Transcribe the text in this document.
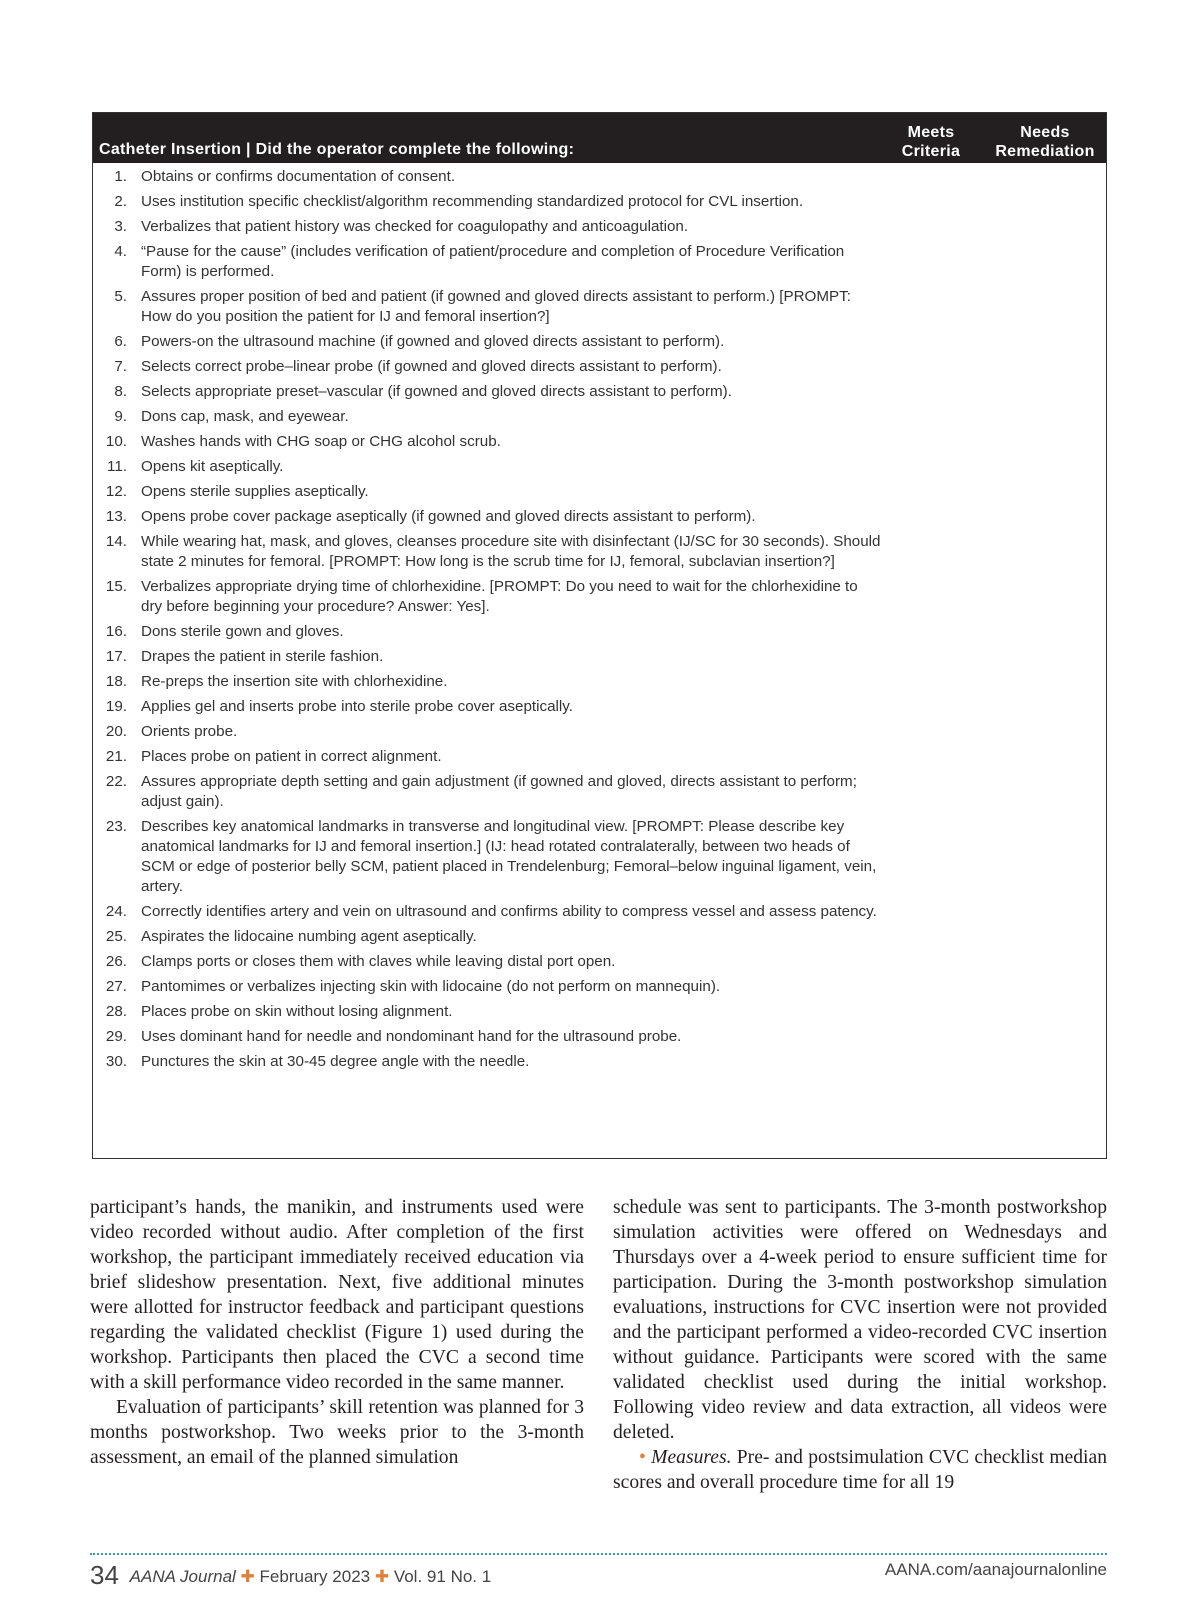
Catheter Insertion | Did the operator complete the following:
Meets Criteria
Needs Remediation
1. Obtains or confirms documentation of consent.
2. Uses institution specific checklist/algorithm recommending standardized protocol for CVL insertion.
3. Verbalizes that patient history was checked for coagulopathy and anticoagulation.
4. “Pause for the cause” (includes verification of patient/procedure and completion of Procedure Verification Form) is performed.
5. Assures proper position of bed and patient (if gowned and gloved directs assistant to perform.) [PROMPT: How do you position the patient for IJ and femoral insertion?]
6. Powers-on the ultrasound machine (if gowned and gloved directs assistant to perform).
7. Selects correct probe–linear probe (if gowned and gloved directs assistant to perform).
8. Selects appropriate preset–vascular (if gowned and gloved directs assistant to perform).
9. Dons cap, mask, and eyewear.
10. Washes hands with CHG soap or CHG alcohol scrub.
11. Opens kit aseptically.
12. Opens sterile supplies aseptically.
13. Opens probe cover package aseptically (if gowned and gloved directs assistant to perform).
14. While wearing hat, mask, and gloves, cleanses procedure site with disinfectant (IJ/SC for 30 seconds). Should state 2 minutes for femoral. [PROMPT: How long is the scrub time for IJ, femoral, subclavian insertion?]
15. Verbalizes appropriate drying time of chlorhexidine. [PROMPT: Do you need to wait for the chlorhexidine to dry before beginning your procedure? Answer: Yes].
16. Dons sterile gown and gloves.
17. Drapes the patient in sterile fashion.
18. Re-preps the insertion site with chlorhexidine.
19. Applies gel and inserts probe into sterile probe cover aseptically.
20. Orients probe.
21. Places probe on patient in correct alignment.
22. Assures appropriate depth setting and gain adjustment (if gowned and gloved, directs assistant to perform; adjust gain).
23. Describes key anatomical landmarks in transverse and longitudinal view. [PROMPT: Please describe key anatomical landmarks for IJ and femoral insertion.] (IJ: head rotated contralaterally, between two heads of SCM or edge of posterior belly SCM, patient placed in Trendelenburg; Femoral–below inguinal ligament, vein, artery.
24. Correctly identifies artery and vein on ultrasound and confirms ability to compress vessel and assess patency.
25. Aspirates the lidocaine numbing agent aseptically.
26. Clamps ports or closes them with claves while leaving distal port open.
27. Pantomimes or verbalizes injecting skin with lidocaine (do not perform on mannequin).
28. Places probe on skin without losing alignment.
29. Uses dominant hand for needle and nondominant hand for the ultrasound probe.
30. Punctures the skin at 30-45 degree angle with the needle.

participant’s hands, the manikin, and instruments used were video recorded without audio. After completion of the first workshop, the participant immediately received education via brief slideshow presentation. Next, five additional minutes were allotted for instructor feedback and participant questions regarding the validated checklist (Figure 1) used during the workshop. Participants then placed the CVC a second time with a skill performance video recorded in the same manner.

Evaluation of participants’ skill retention was planned for 3 months postworkshop. Two weeks prior to the 3-month assessment, an email of the planned simulation

schedule was sent to participants. The 3-month postworkshop simulation activities were offered on Wednesdays and Thursdays over a 4-week period to ensure sufficient time for participation. During the 3-month postworkshop simulation evaluations, instructions for CVC insertion were not provided and the participant performed a video-recorded CVC insertion without guidance. Participants were scored with the same validated checklist used during the initial workshop. Following video review and data extraction, all videos were deleted.

• Measures. Pre- and postsimulation CVC checklist median scores and overall procedure time for all 19

34 AANA Journal ✚ February 2023 ✚ Vol. 91 No. 1	AANA.com/aanajournalonline
